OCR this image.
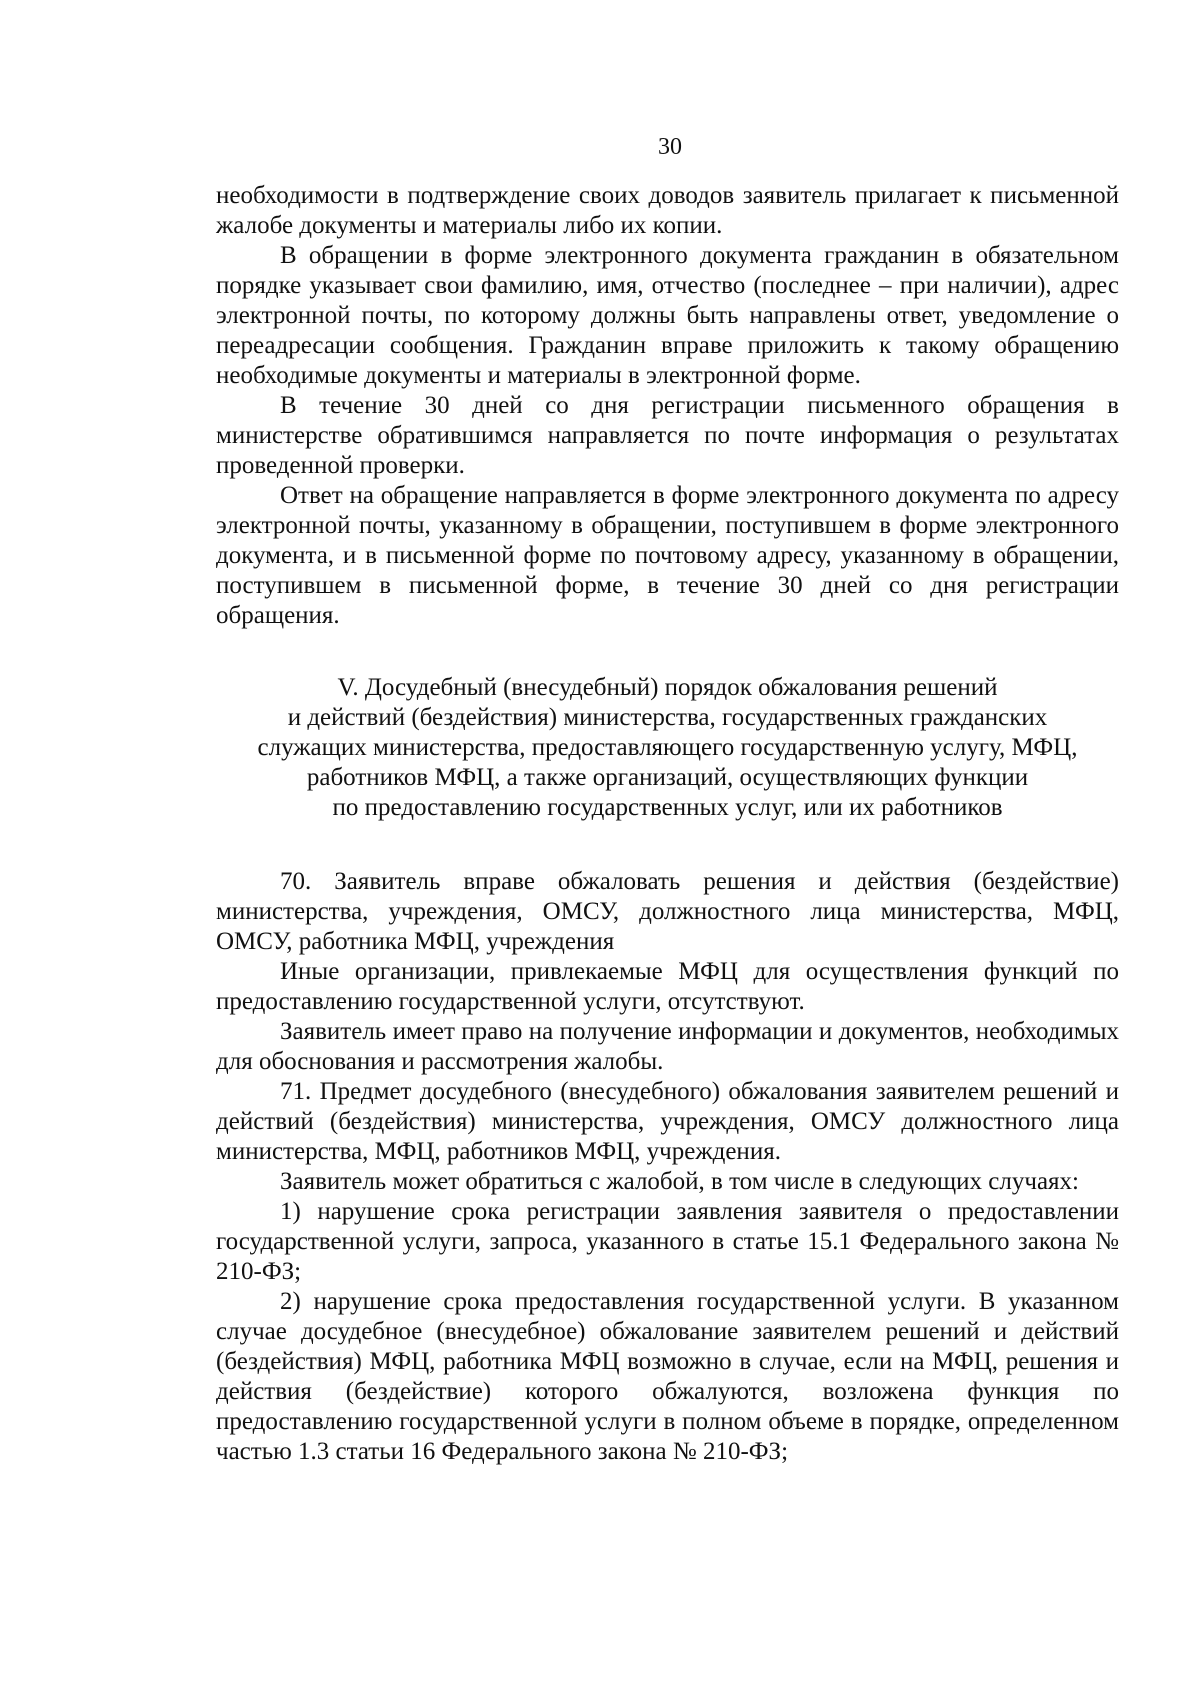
30

необходимости в подтверждение своих доводов заявитель прилагает к письменной жалобе документы и материалы либо их копии.

В обращении в форме электронного документа гражданин в обязательном порядке указывает свои фамилию, имя, отчество (последнее – при наличии), адрес электронной почты, по которому должны быть направлены ответ, уведомление о переадресации сообщения. Гражданин вправе приложить к такому обращению необходимые документы и материалы в электронной форме.

В течение 30 дней со дня регистрации письменного обращения в министерстве обратившимся направляется по почте информация о результатах проведенной проверки.

Ответ на обращение направляется в форме электронного документа по адресу электронной почты, указанному в обращении, поступившем в форме электронного документа, и в письменной форме по почтовому адресу, указанному в обращении, поступившем в письменной форме, в течение 30 дней со дня регистрации обращения.

V. Досудебный (внесудебный) порядок обжалования решений
и действий (бездействия) министерства, государственных гражданских
служащих министерства, предоставляющего государственную услугу, МФЦ,
работников МФЦ, а также организаций, осуществляющих функции
по предоставлению государственных услуг, или их работников

70. Заявитель вправе обжаловать решения и действия (бездействие) министерства, учреждения, ОМСУ, должностного лица министерства, МФЦ, ОМСУ, работника МФЦ, учреждения

Иные организации, привлекаемые МФЦ для осуществления функций по предоставлению государственной услуги, отсутствуют.

Заявитель имеет право на получение информации и документов, необходимых для обоснования и рассмотрения жалобы.

71. Предмет досудебного (внесудебного) обжалования заявителем решений и действий (бездействия) министерства, учреждения, ОМСУ должностного лица министерства, МФЦ, работников МФЦ, учреждения.

Заявитель может обратиться с жалобой, в том числе в следующих случаях:

1) нарушение срока регистрации заявления заявителя о предоставлении государственной услуги, запроса, указанного в статье 15.1 Федерального закона № 210-ФЗ;

2) нарушение срока предоставления государственной услуги. В указанном случае досудебное (внесудебное) обжалование заявителем решений и действий (бездействия) МФЦ, работника МФЦ возможно в случае, если на МФЦ, решения и действия (бездействие) которого обжалуются, возложена функция по предоставлению государственной услуги в полном объеме в порядке, определенном частью 1.3 статьи 16 Федерального закона № 210-ФЗ;
